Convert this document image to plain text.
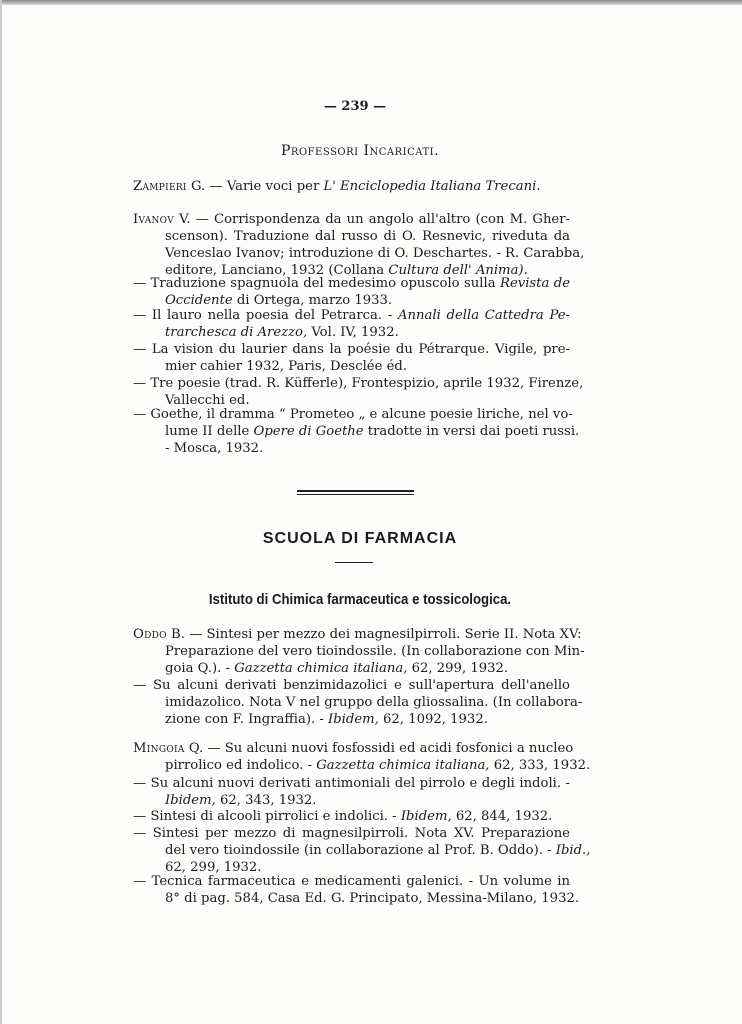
— 239 —
Professori Incaricati.
Zampieri G. — Varie voci per L' Enciclopedia Italiana Trecani.
Ivanov V. — Corrispondenza da un angolo all'altro (con M. Gher-
scenson). Traduzione dal russo di O. Resnevic, riveduta da
Venceslao Ivanov; introduzione di O. Deschartes. - R. Carabba,
editore, Lanciano, 1932 (Collana Cultura dell' Anima).
— Traduzione spagnuola del medesimo opuscolo sulla Revista de
Occidente di Ortega, marzo 1933.
— Il lauro nella poesia del Petrarca. - Annali della Cattedra Pe-
trarchesca di Arezzo, Vol. IV, 1932.
— La vision du laurier dans la poésie du Pétrarque. Vigile, pre-
mier cahier 1932, Paris, Desclée éd.
— Tre poesie (trad. R. Küfferle), Frontespizio, aprile 1932, Firenze,
Vallecchi ed.
— Goethe, il dramma “ Prometeo „ e alcune poesie liriche, nel vo-
lume II delle Opere di Goethe tradotte in versi dai poeti russi.
- Mosca, 1932.
SCUOLA DI FARMACIA
Istituto di Chimica farmaceutica e tossicologica.
Oddo B. — Sintesi per mezzo dei magnesilpirroli. Serie II. Nota XV:
Preparazione del vero tioindossile. (In collaborazione con Min-
goia Q.). - Gazzetta chimica italiana, 62, 299, 1932.
— Su alcuni derivati benzimidazolici e sull'apertura dell'anello
imidazolico. Nota V nel gruppo della gliossalina. (In collabora-
zione con F. Ingraffia). - Ibidem, 62, 1092, 1932.
Mingoia Q. — Su alcuni nuovi fosfossidi ed acidi fosfonici a nucleo
pirrolico ed indolico. - Gazzetta chimica italiana, 62, 333, 1932.
— Su alcuni nuovi derivati antimoniali del pirrolo e degli indoli. -
Ibidem, 62, 343, 1932.
— Sintesi di alcooli pirrolici e indolici. - Ibidem, 62, 844, 1932.
— Sintesi per mezzo di magnesilpirroli. Nota XV. Preparazione
del vero tioindossile (in collaborazione al Prof. B. Oddo). - Ibid.,
62, 299, 1932.
— Tecnica farmaceutica e medicamenti galenici. - Un volume in
8° di pag. 584, Casa Ed. G. Principato, Messina-Milano, 1932.
